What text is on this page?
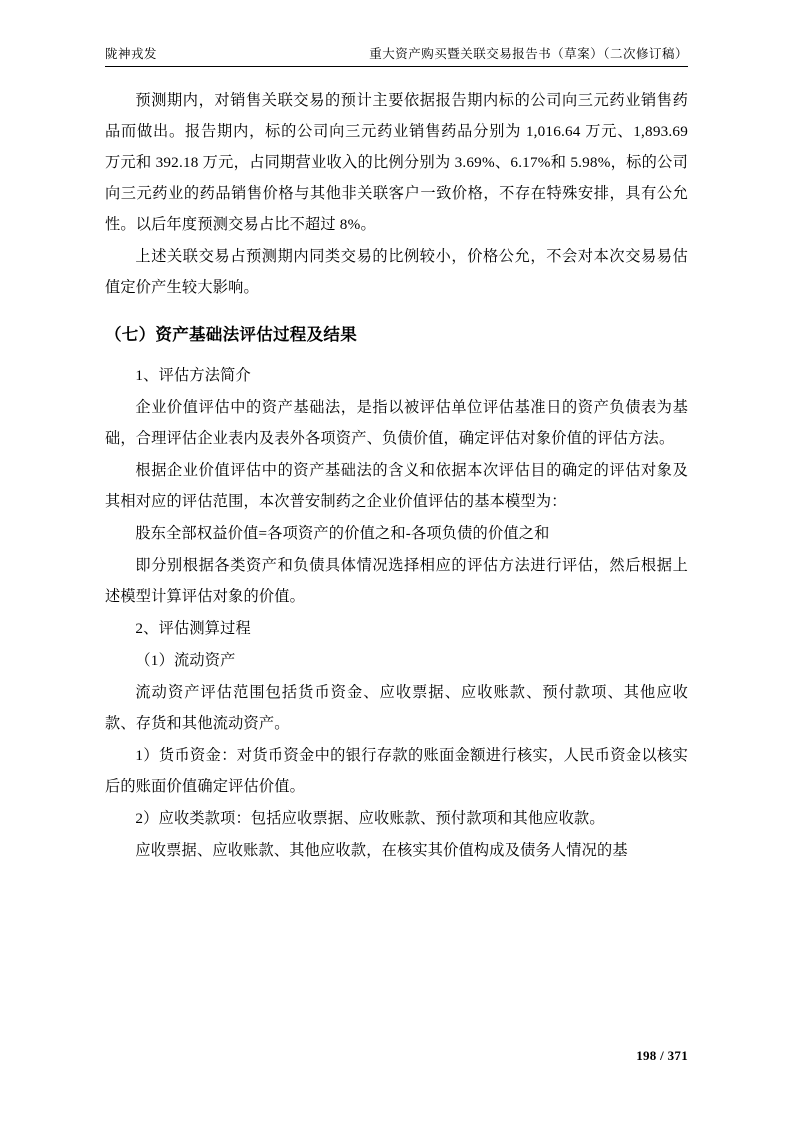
陇神戎发	重大资产购买暨关联交易报告书（草案）（二次修订稿）

预测期内，对销售关联交易的预计主要依据报告期内标的公司向三元药业销售药品而做出。报告期内，标的公司向三元药业销售药品分别为 1,016.64 万元、1,893.69 万元和 392.18 万元，占同期营业收入的比例分别为 3.69%、6.17%和 5.98%，标的公司向三元药业的药品销售价格与其他非关联客户一致价格，不存在特殊安排，具有公允性。以后年度预测交易占比不超过 8%。

上述关联交易占预测期内同类交易的比例较小，价格公允，不会对本次交易易估值定价产生较大影响。

（七）资产基础法评估过程及结果

1、评估方法简介

企业价值评估中的资产基础法，是指以被评估单位评估基准日的资产负债表为基础，合理评估企业表内及表外各项资产、负债价值，确定评估对象价值的评估方法。

根据企业价值评估中的资产基础法的含义和依据本次评估目的确定的评估对象及其相对应的评估范围，本次普安制药之企业价值评估的基本模型为：

股东全部权益价值=各项资产的价值之和-各项负债的价值之和

即分别根据各类资产和负债具体情况选择相应的评估方法进行评估，然后根据上述模型计算评估对象的价值。

2、评估测算过程

（1）流动资产

流动资产评估范围包括货币资金、应收票据、应收账款、预付款项、其他应收款、存货和其他流动资产。

1）货币资金：对货币资金中的银行存款的账面金额进行核实，人民币资金以核实后的账面价值确定评估价值。

2）应收类款项：包括应收票据、应收账款、预付款项和其他应收款。

应收票据、应收账款、其他应收款，在核实其价值构成及债务人情况的基

198 / 371
